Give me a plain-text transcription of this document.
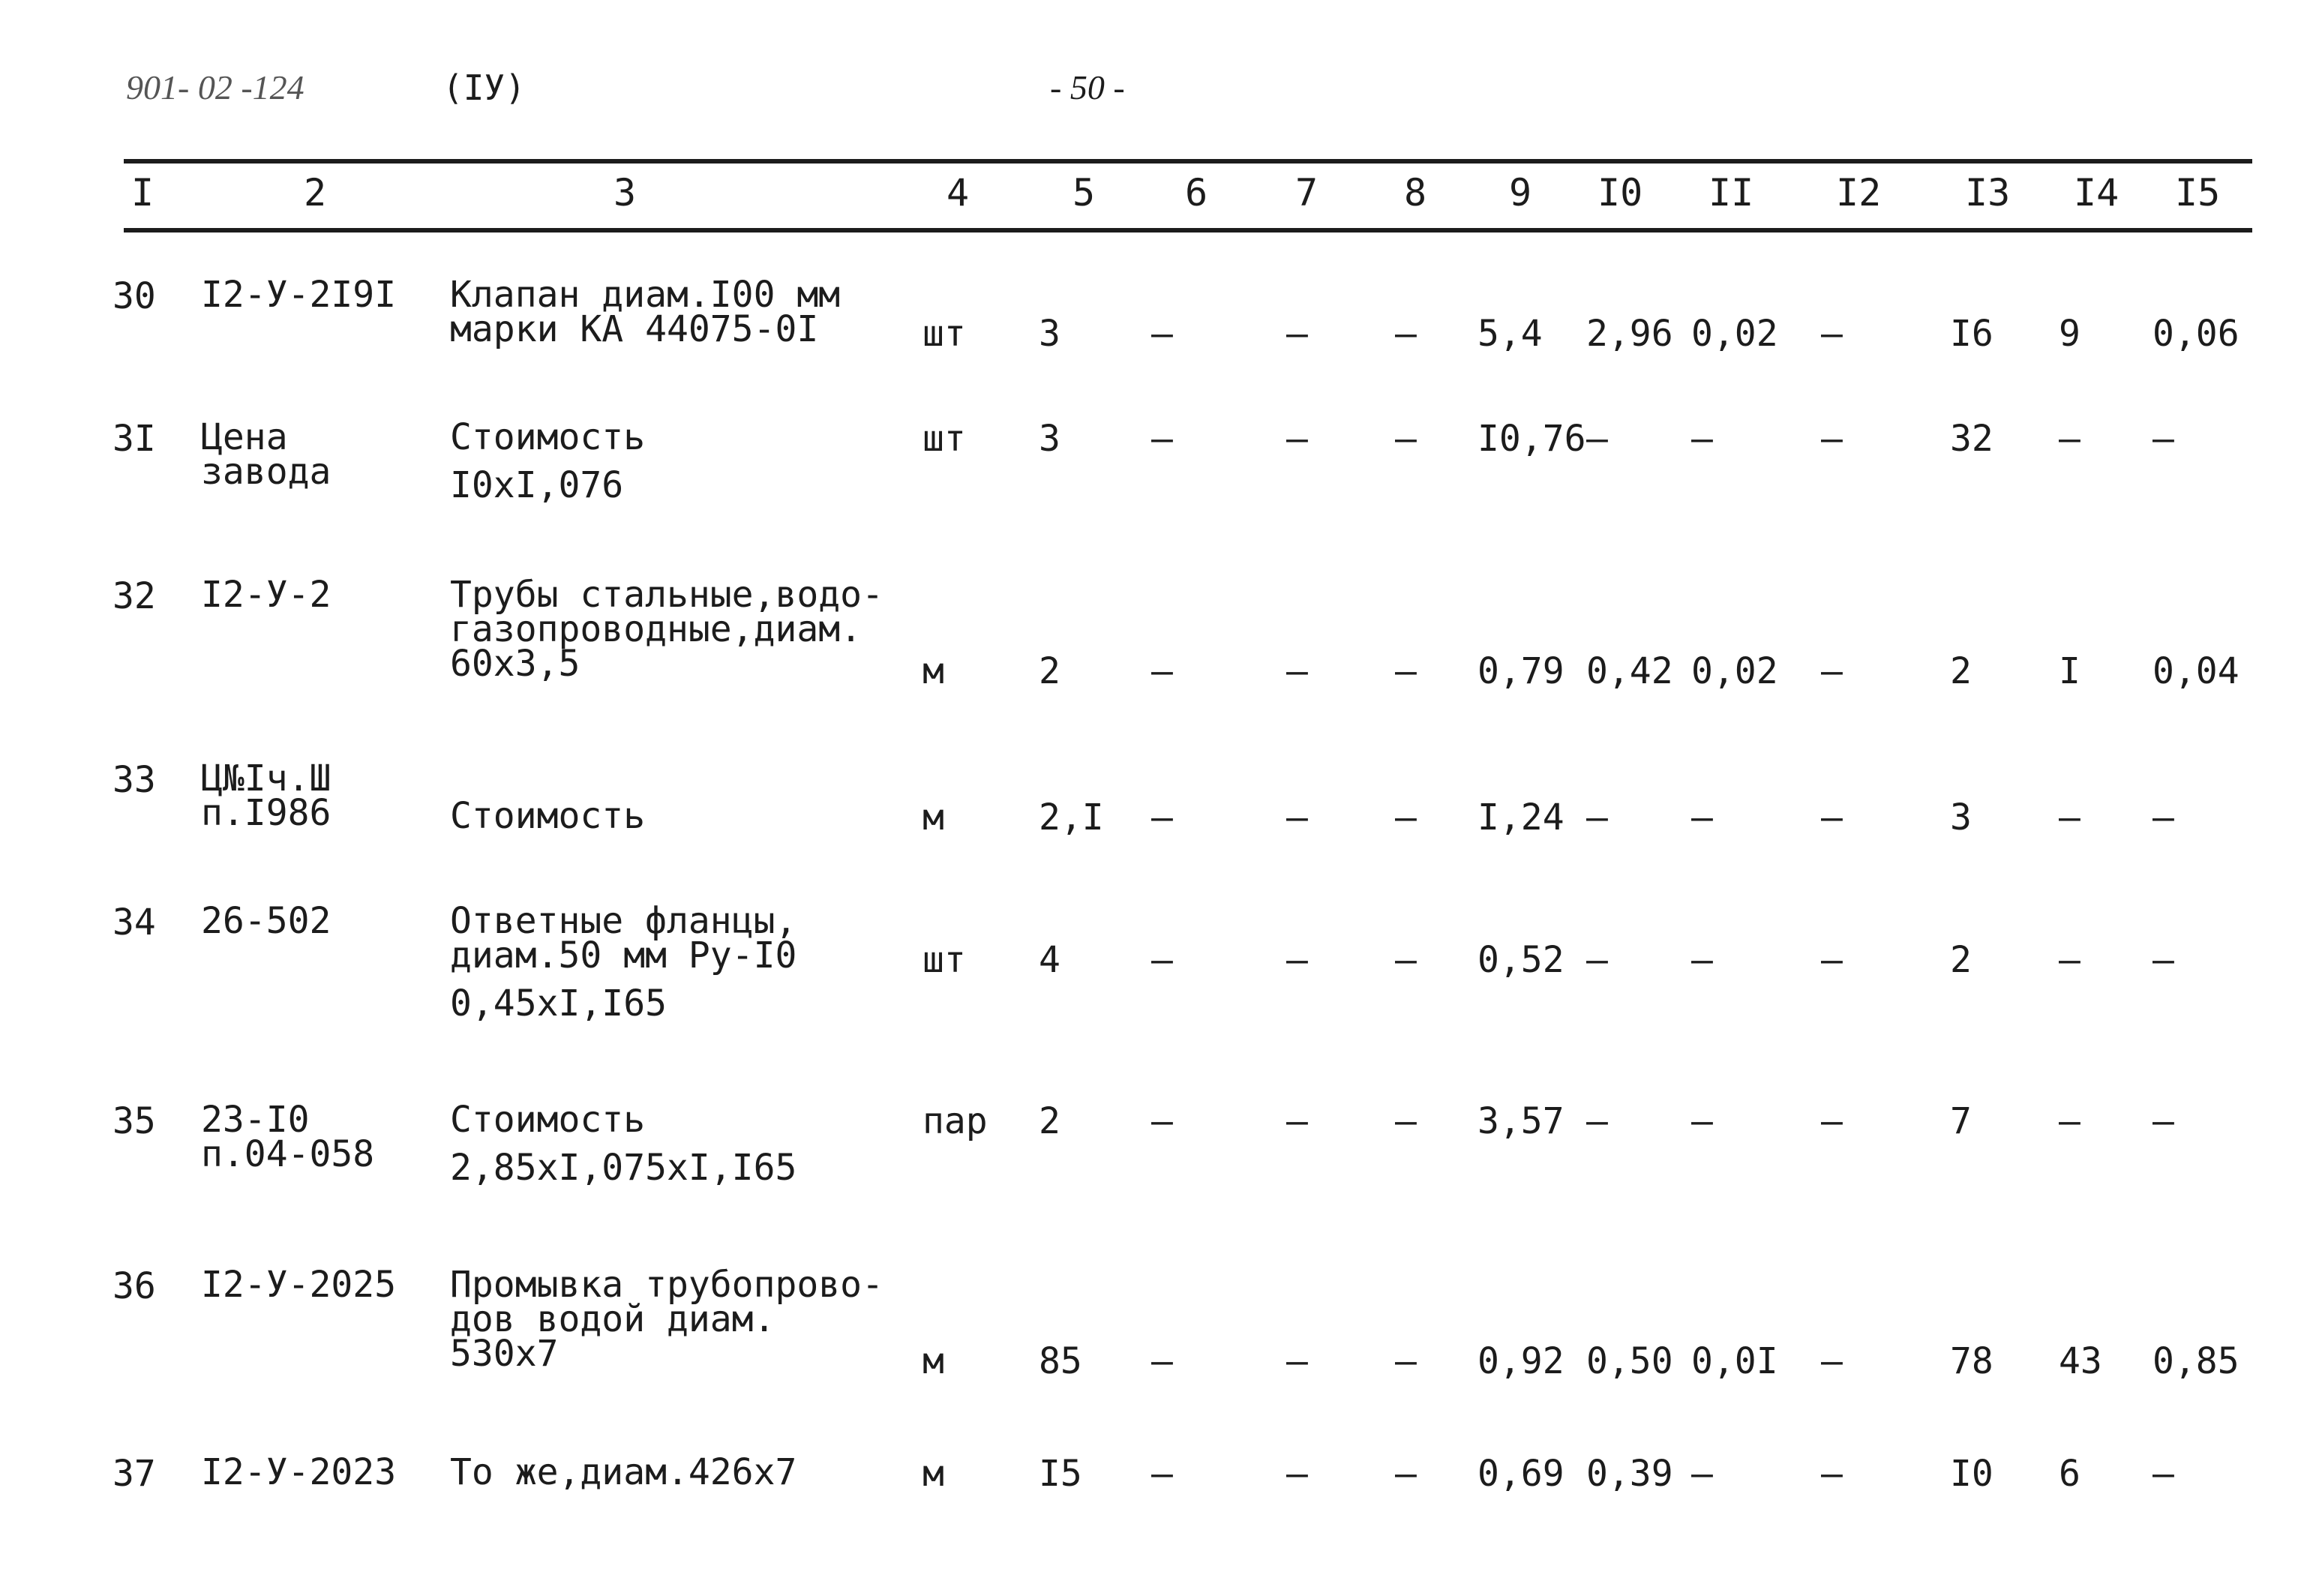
901- 02 -124	(IУ)	- 50 -
I	2	3	4	5 6 7 8 9 I0 II I2 I3 I4 I5
30 I2-У-2I9I Клапан диам.I00 мм
марки КА 44075-0I	шт 3	–	– – 5,4 2,96 0,02 –	I6 9 0,06
3I Цена
завода
Стоимость
I0xI,076
шт 3	–	– – I0,76 – –	–	32 – –
32 I2-У-2	Трубы стальные,водо-
газопроводные,диам.
60x3,5	м	2	–	– – 0,79 0,42 0,02 –	2 I 0,04
33 Ц№Iч.Ш
п.I986	Стоимость	м	2,I –	– – I,24 – –	–	3 – –
34 26-502	Ответные фланцы,
диам.50 мм Ру-I0
0,45xI,I65
шт 4	–	– – 0,52 – –	–	2 – –
35 23-I0
п.04-058
Стоимость
2,85xI,075xI,I65
пар 2	–	– – 3,57 – –	–	7 – –
36 I2-У-2025 Промывка трубопрово-
дов водой диам.
530x7	м	85 –	– – 0,92 0,50 0,0I –	78 43 0,85
37 I2-У-2023 То же,диам.426x7	м	I5 –	– – 0,69 0,39 –	–	I0 6 –
